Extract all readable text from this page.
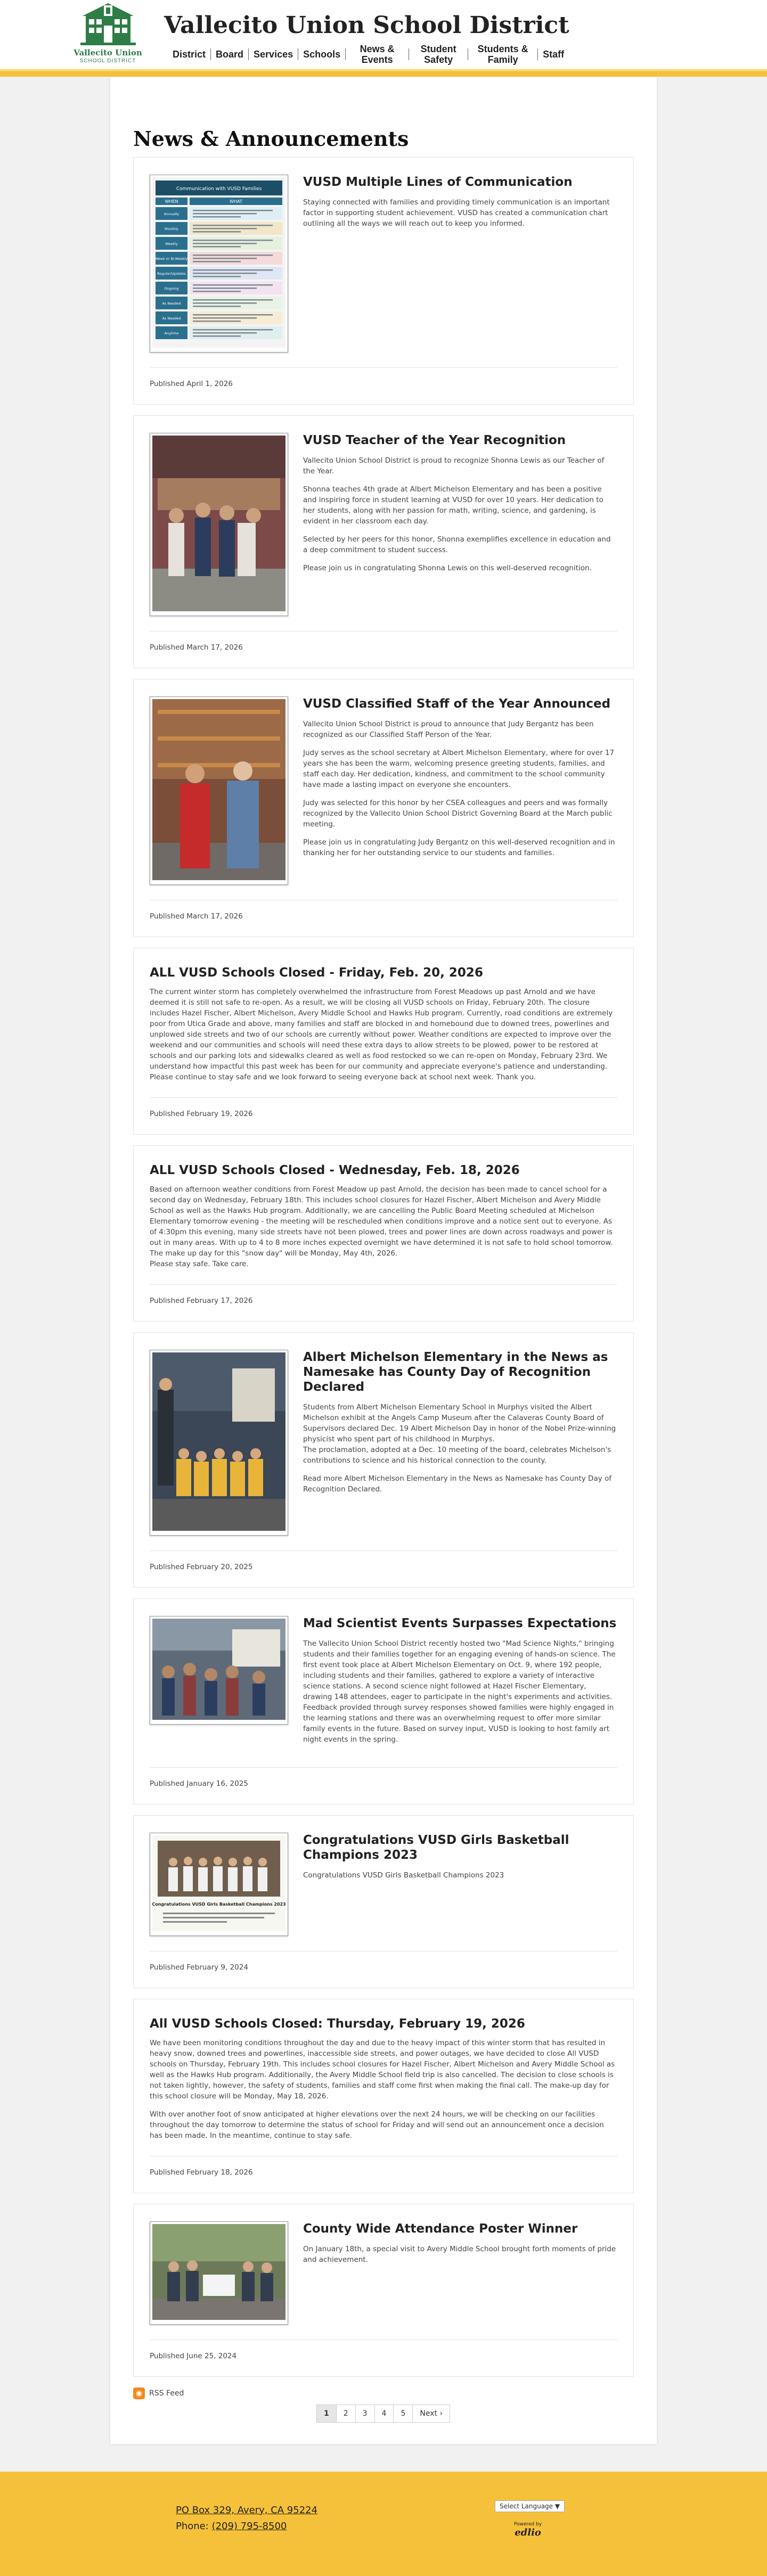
Vallecito Union
SCHOOL DISTRICT
Vallecito Union School District
District	Board	Services	Schools	News & Events
Student Safety
Students & Family	Staff
News & Announcements
Communication with VUSD Families
WHEN	WHAT
Annually
Monthly
Weekly
Week or Bi-Weekly
Regular/Updates
Ongoing
As Needed
As Needed
Anytime
VUSD Multiple Lines of Communication

Staying connected with families and providing timely communication is an important factor in supporting student achievement. VUSD has created a communication chart outlining all the ways we will reach out to keep you informed.

Published April 1, 2026
VUSD Teacher of the Year Recognition

Vallecito Union School District is proud to recognize Shonna Lewis as our Teacher of the Year.

Shonna teaches 4th grade at Albert Michelson Elementary and has been a positive and inspiring force in student learning at VUSD for over 10 years. Her dedication to her students, along with her passion for math, writing, science, and gardening, is evident in her classroom each day.

Selected by her peers for this honor, Shonna exemplifies excellence in education and a deep commitment to student success.

Please join us in congratulating Shonna Lewis on this well-deserved recognition.

Published March 17, 2026
VUSD Classified Staff of the Year Announced

Vallecito Union School District is proud to announce that Judy Bergantz has been recognized as our Classified Staff Person of the Year.

Judy serves as the school secretary at Albert Michelson Elementary, where for over 17 years she has been the warm, welcoming presence greeting students, families, and staff each day. Her dedication, kindness, and commitment to the school community have made a lasting impact on everyone she encounters.

Judy was selected for this honor by her CSEA colleagues and peers and was formally recognized by the Vallecito Union School District Governing Board at the March public meeting.

Please join us in congratulating Judy Bergantz on this well-deserved recognition and in thanking her for her outstanding service to our students and families.

Published March 17, 2026
ALL VUSD Schools Closed - Friday, Feb. 20, 2026

The current winter storm has completely overwhelmed the infrastructure from Forest Meadows up past Arnold and we have deemed it is still not safe to re-open. As a result, we will be closing all VUSD schools on Friday, February 20th. The closure includes Hazel Fischer, Albert Michelson, Avery Middle School and Hawks Hub program. Currently, road conditions are extremely poor from Utica Grade and above, many families and staff are blocked in and homebound due to downed trees, powerlines and unplowed side streets and two of our schools are currently without power. Weather conditions are expected to improve over the weekend and our communities and schools will need these extra days to allow streets to be plowed, power to be restored at schools and our parking lots and sidewalks cleared as well as food restocked so we can re-open on Monday, February 23rd. We understand how impactful this past week has been for our community and appreciate everyone's patience and understanding. Please continue to stay safe and we look forward to seeing everyone back at school next week. Thank you.

Published February 19, 2026
ALL VUSD Schools Closed - Wednesday, Feb. 18, 2026

Based on afternoon weather conditions from Forest Meadow up past Arnold, the decision has been made to cancel school for a second day on Wednesday, February 18th. This includes school closures for Hazel Fischer, Albert Michelson and Avery Middle School as well as the Hawks Hub program. Additionally, we are cancelling the Public Board Meeting scheduled at Michelson Elementary tomorrow evening - the meeting will be rescheduled when conditions improve and a notice sent out to everyone. As of 4:30pm this evening, many side streets have not been plowed, trees and power lines are down across roadways and power is out in many areas. With up to 4 to 8 more inches expected overnight we have determined it is not safe to hold school tomorrow. The make up day for this "snow day" will be Monday, May 4th, 2026.

Please stay safe. Take care.

Published February 17, 2026
Albert Michelson Elementary in the News as Namesake has County Day of Recognition Declared

Students from Albert Michelson Elementary School in Murphys visited the Albert Michelson exhibit at the Angels Camp Museum after the Calaveras County Board of Supervisors declared Dec. 19 Albert Michelson Day in honor of the Nobel Prize-winning physicist who spent part of his childhood in Murphys.

The proclamation, adopted at a Dec. 10 meeting of the board, celebrates Michelson's contributions to science and his historical connection to the county.

Read more Albert Michelson Elementary in the News as Namesake has County Day of Recognition Declared.

Published February 20, 2025
Mad Scientist Events Surpasses Expectations

The Vallecito Union School District recently hosted two "Mad Science Nights," bringing students and their families together for an engaging evening of hands-on science. The first event took place at Albert Michelson Elementary on Oct. 9, where 192 people, including students and their families, gathered to explore a variety of interactive science stations. A second science night followed at Hazel Fischer Elementary, drawing 148 attendees, eager to participate in the night's experiments and activities. Feedback provided through survey responses showed families were highly engaged in the learning stations and there was an overwhelming request to offer more similar family events in the future. Based on survey input, VUSD is looking to host family art night events in the spring.

Published January 16, 2025
Congratulations VUSD Girls Basketball Champions 2023
Congratulations VUSD Girls Basketball Champions 2023

Congratulations VUSD Girls Basketball Champions 2023

Published February 9, 2024
All VUSD Schools Closed: Thursday, February 19, 2026

We have been monitoring conditions throughout the day and due to the heavy impact of this winter storm that has resulted in heavy snow, downed trees and powerlines, inaccessible side streets, and power outages, we have decided to close All VUSD schools on Thursday, February 19th. This includes school closures for Hazel Fischer, Albert Michelson and Avery Middle School as well as the Hawks Hub program. Additionally, the Avery Middle School field trip is also cancelled. The decision to close schools is not taken lightly, however, the safety of students, families and staff come first when making the final call. The make-up day for this school closure will be Monday, May 18, 2026.

With over another foot of snow anticipated at higher elevations over the next 24 hours, we will be checking on our facilities throughout the day tomorrow to determine the status of school for Friday and will send out an announcement once a decision has been made. In the meantime, continue to stay safe.

Published February 18, 2026
County Wide Attendance Poster Winner

On January 18th, a special visit to Avery Middle School brought forth moments of pride and achievement.

Published June 25, 2024
◉ RSS Feed
1	2	3	4	5	Next ›
PO Box 329, Avery, CA 95224
Phone: (209) 795-8500
Select Language ▼
Powered by
edlio
